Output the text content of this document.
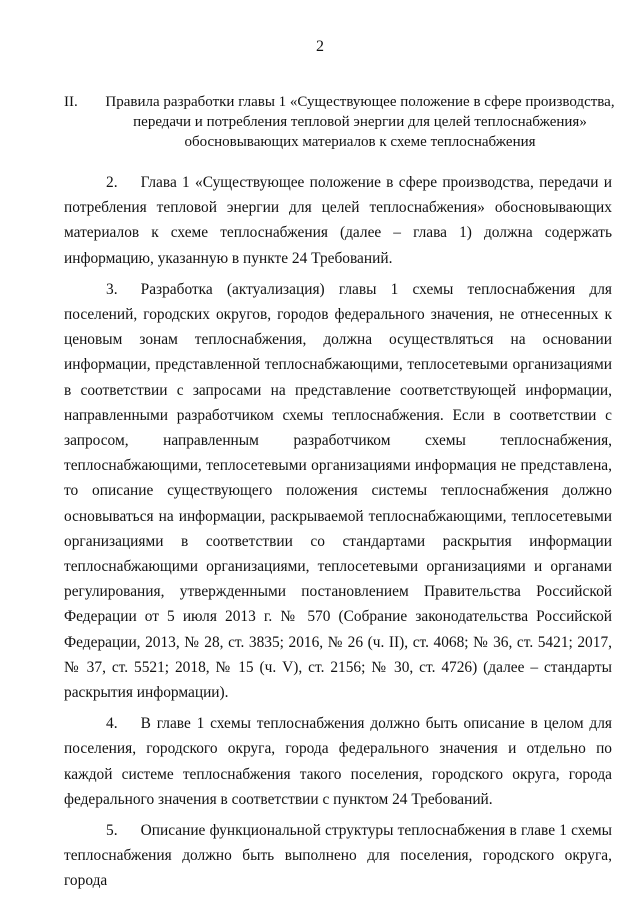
2
II. Правила разработки главы 1 «Существующее положение в сфере производства, передачи и потребления тепловой энергии для целей теплоснабжения» обосновывающих материалов к схеме теплоснабжения

2.   Глава 1 «Существующее положение в сфере производства, передачи и потребления тепловой энергии для целей теплоснабжения» обосновывающих материалов к схеме теплоснабжения (далее – глава 1) должна содержать информацию, указанную в пункте 24 Требований.

3.   Разработка (актуализация) главы 1 схемы теплоснабжения для поселений, городских округов, городов федерального значения, не отнесенных к ценовым зонам теплоснабжения, должна осуществляться на основании информации, представленной теплоснабжающими, теплосетевыми организациями в соответствии с запросами на представление соответствующей информации, направленными разработчиком схемы теплоснабжения. Если в соответствии с запросом, направленным разработчиком схемы теплоснабжения, теплоснабжающими, теплосетевыми организациями информация не представлена, то описание существующего положения системы теплоснабжения должно основываться на информации, раскрываемой теплоснабжающими, теплосетевыми организациями в соответствии со стандартами раскрытия информации теплоснабжающими организациями, теплосетевыми организациями и органами регулирования, утвержденными постановлением Правительства Российской Федерации от 5 июля 2013 г. № 570 (Собрание законодательства Российской Федерации, 2013, № 28, ст. 3835; 2016, № 26 (ч. II), ст. 4068; № 36, ст. 5421; 2017, № 37, ст. 5521; 2018, № 15 (ч. V), ст. 2156; № 30, ст. 4726) (далее – стандарты раскрытия информации).

4.   В главе 1 схемы теплоснабжения должно быть описание в целом для поселения, городского округа, города федерального значения и отдельно по каждой системе теплоснабжения такого поселения, городского округа, города федерального значения в соответствии с пунктом 24 Требований.

5.   Описание функциональной структуры теплоснабжения в главе 1 схемы теплоснабжения должно быть выполнено для поселения, городского округа, города
